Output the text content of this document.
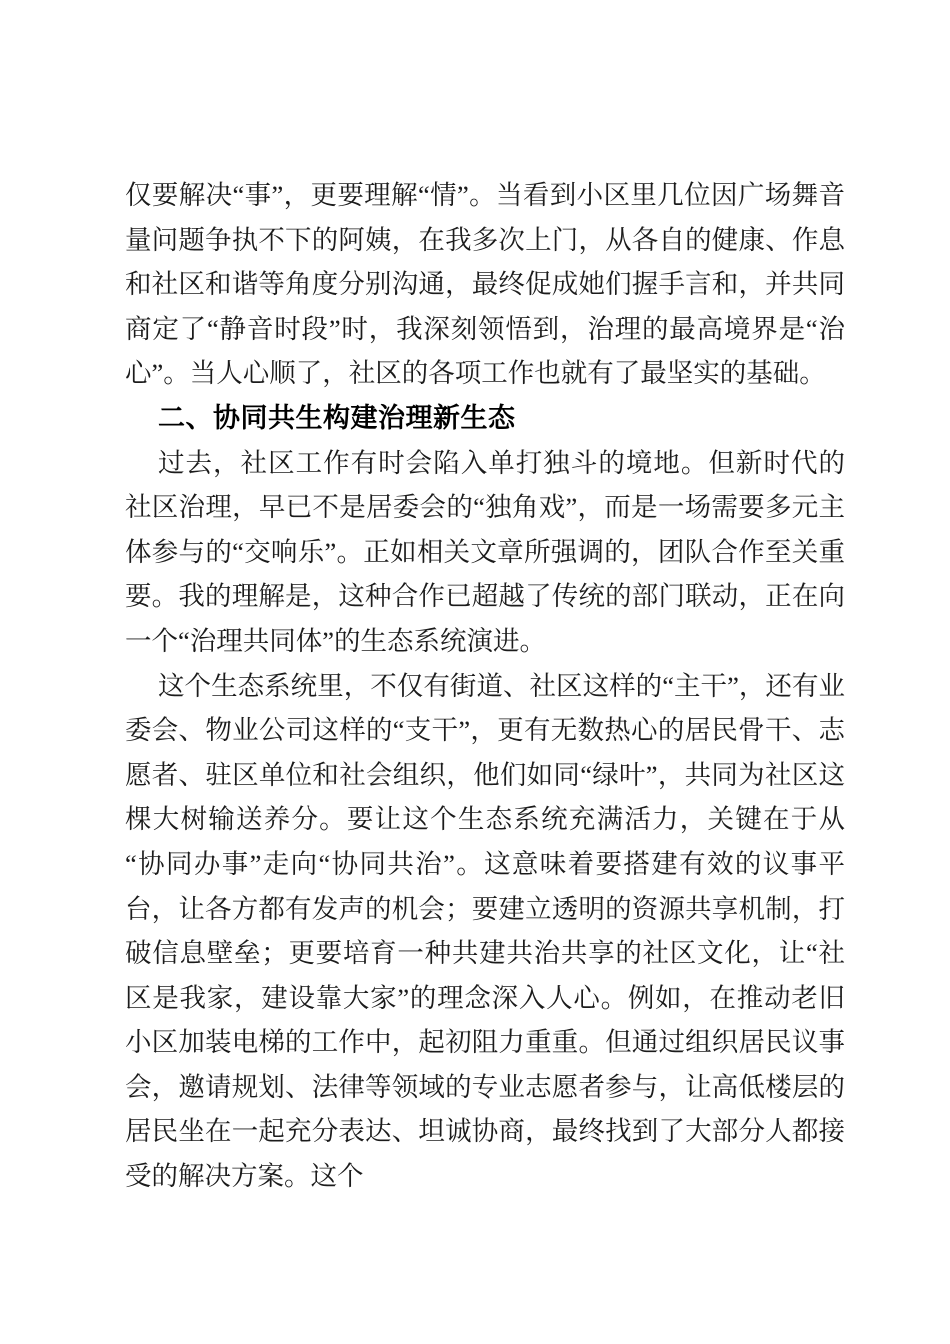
仅要解决“事”，更要理解“情”。当看到小区里几位因广场舞音量问题争执不下的阿姨，在我多次上门，从各自的健康、作息和社区和谐等角度分别沟通，最终促成她们握手言和，并共同商定了“静音时段”时，我深刻领悟到，治理的最高境界是“治心”。当人心顺了，社区的各项工作也就有了最坚实的基础。

二、协同共生构建治理新生态

过去，社区工作有时会陷入单打独斗的境地。但新时代的社区治理，早已不是居委会的“独角戏”，而是一场需要多元主体参与的“交响乐”。正如相关文章所强调的，团队合作至关重要。我的理解是，这种合作已超越了传统的部门联动，正在向一个“治理共同体”的生态系统演进。

这个生态系统里，不仅有街道、社区这样的“主干”，还有业委会、物业公司这样的“支干”，更有无数热心的居民骨干、志愿者、驻区单位和社会组织，他们如同“绿叶”，共同为社区这棵大树输送养分。要让这个生态系统充满活力，关键在于从“协同办事”走向“协同共治”。这意味着要搭建有效的议事平台，让各方都有发声的机会；要建立透明的资源共享机制，打破信息壁垒；更要培育一种共建共治共享的社区文化，让“社区是我家，建设靠大家”的理念深入人心。例如，在推动老旧小区加装电梯的工作中，起初阻力重重。但通过组织居民议事会，邀请规划、法律等领域的专业志愿者参与，让高低楼层的居民坐在一起充分表达、坦诚协商，最终找到了大部分人都接受的解决方案。这个
